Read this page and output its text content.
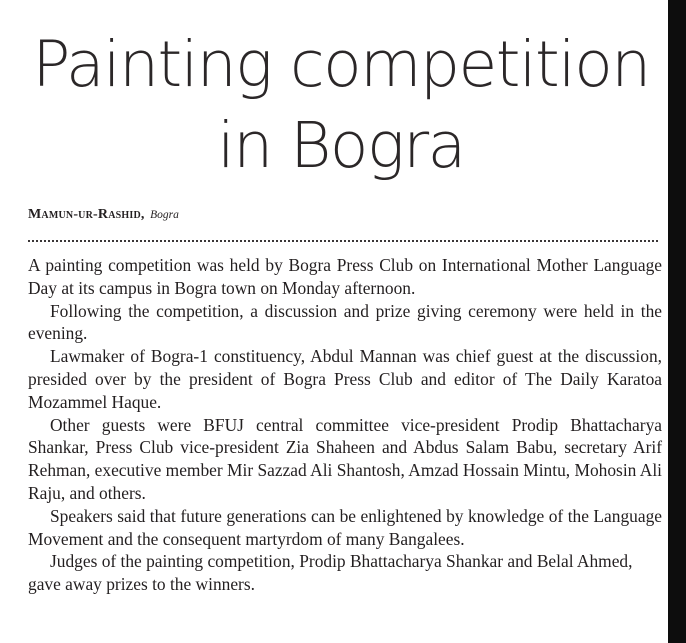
Painting competition
in Bogra
Mamun-ur-Rashid, Bogra

A painting competition was held by Bogra Press Club on International Mother Language Day at its campus in Bogra town on Monday afternoon.

Following the competition, a discussion and prize giving ceremony were held in the evening.

Lawmaker of Bogra-1 constituency, Abdul Mannan was chief guest at the discussion, presided over by the president of Bogra Press Club and editor of The Daily Karatoa Mozammel Haque.

Other guests were BFUJ central committee vice-president Prodip Bhattacharya Shankar, Press Club vice-president Zia Shaheen and Abdus Salam Babu, secretary Arif Rehman, executive member Mir Sazzad Ali Shantosh, Amzad Hossain Mintu, Mohosin Ali Raju, and others.

Speakers said that future generations can be enlightened by knowledge of the Language Movement and the consequent martyrdom of many Bangalees.

Judges of the painting competition, Prodip Bhattacharya Shankar and Belal Ahmed, gave away prizes to the winners.
